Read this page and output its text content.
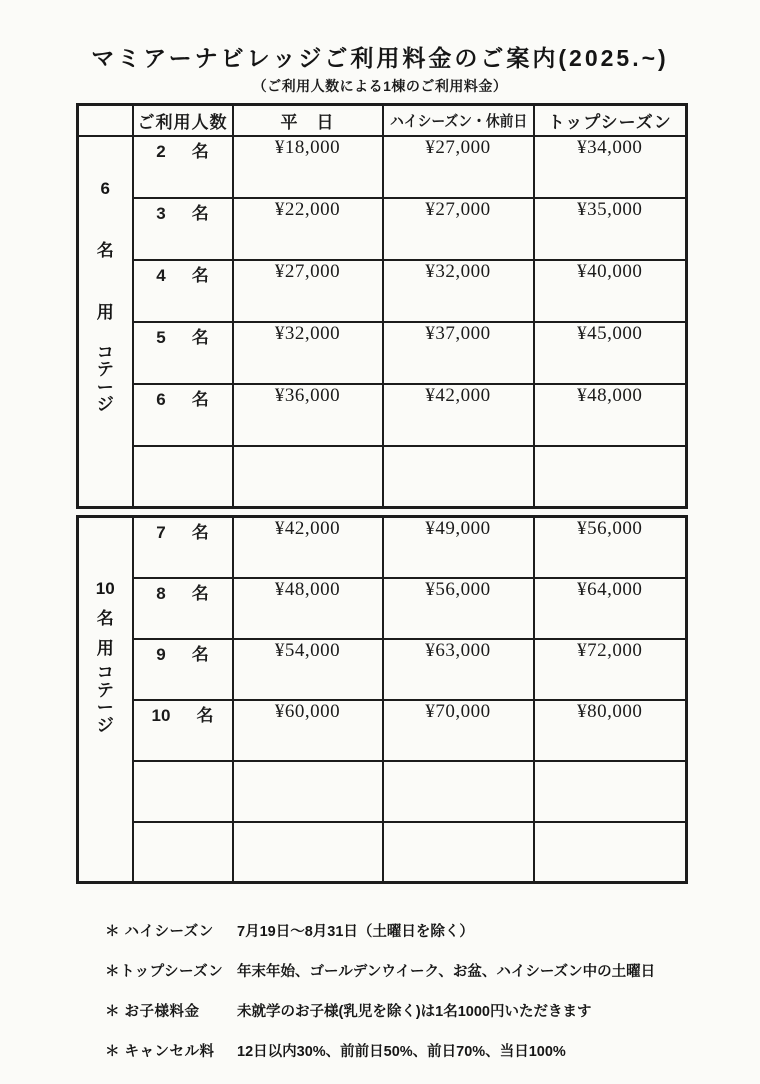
マミアーナビレッジご利用料金のご案内(2025.~)
（ご利用人数による1棟のご利用料金）
	ご利用人数	平　日	ハイシーズン・休前日	トップシーズン

6
名
用
コ
テ
ー
ジ
	2 名	¥18,000	¥27,000	¥34,000
	3 名	¥22,000	¥27,000	¥35,000
	4 名	¥27,000	¥32,000	¥40,000
	5 名	¥32,000	¥37,000	¥45,000
	6 名	¥36,000	¥42,000	¥48,000

10
名
用
コ
テ
ー
ジ
	7 名	¥42,000	¥49,000	¥56,000
	8 名	¥48,000	¥56,000	¥64,000
	9 名	¥54,000	¥63,000	¥72,000
	10 名	¥60,000	¥70,000	¥80,000

＊ ハイシーズン	7月19日～8月31日（土曜日を除く）
＊トップシーズン 年末年始、ゴールデンウイーク、お盆、ハイシーズン中の土曜日
＊ お子様料金	未就学のお子様(乳児を除く)は1名1000円いただきます
＊ キャンセル料	12日以内30%、前前日50%、前日70%、当日100%
